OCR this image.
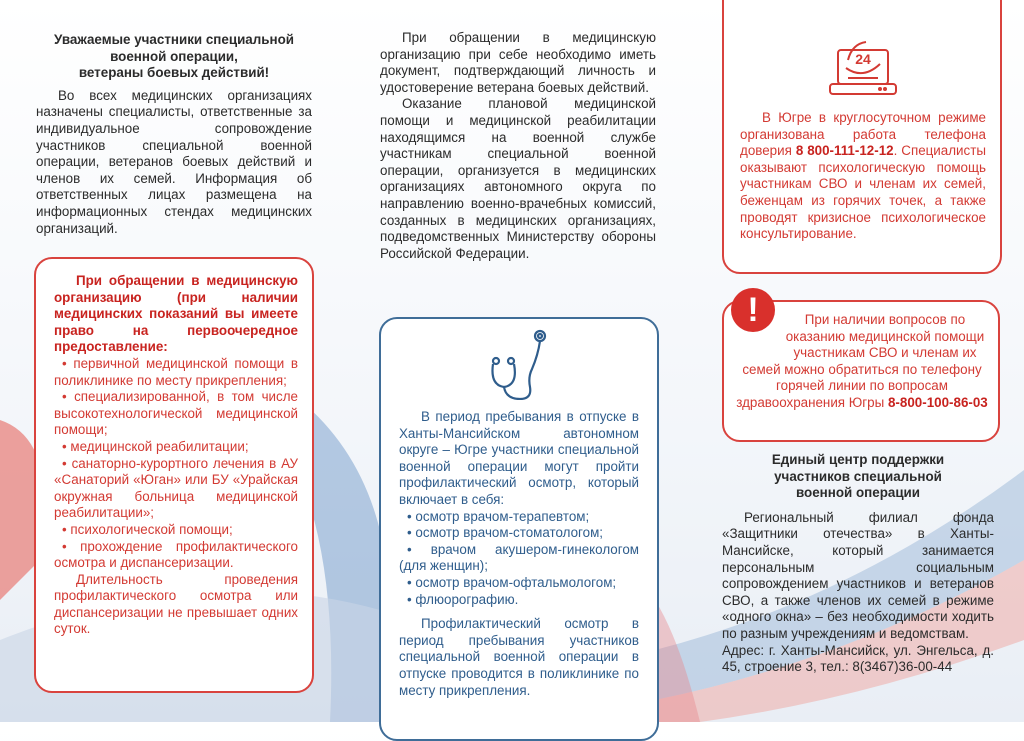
Уважаемые участники специальной
военной операции,
ветераны боевых действий!

Во всех медицинских организациях назначены специалисты, ответственные за индивидуальное сопровождение участников специальной военной операции, ветеранов боевых действий и членов их семей. Информация об ответственных лицах размещена на информационных стендах медицинских организаций.

При обращении в медицинскую организацию (при наличии медицинских показаний вы имеете право на первоочередное предоставление:

• первичной медицинской помощи в поликлинике по месту прикрепления;
• специализированной, в том числе высокотехнологической медицинской помощи;
• медицинской реабилитации;
• санаторно-курортного лечения в АУ «Санаторий «Юган» или БУ «Урайская окружная больница медицинской реабилитации»;
• психологической помощи;
• прохождение профилактического осмотра и диспансеризации.

Длительность проведения профилактического осмотра или диспансеризации не превышает одних суток.

При обращении в медицинскую организацию при себе необходимо иметь документ, подтверждающий личность и удостоверение ветерана боевых действий.

Оказание плановой медицинской помощи и медицинской реабилитации находящимся на военной службе участникам специальной военной операции, организуется в медицинских организациях автономного округа по направлению военно-врачебных комиссий, созданных в медицинских организациях, подведомственных Министерству обороны Российской Федерации.

В период пребывания в отпуске в Ханты-Мансийском автономном округе – Югре участники специальной военной операции могут пройти профилактический осмотр, который включает в себя:

• осмотр врачом-терапевтом;
• осмотр врачом-стоматологом;
• врачом акушером-гинекологом (для женщин);
• осмотр врачом-офтальмологом;
• флюорографию.

Профилактический осмотр в период пребывания участников специальной военной операции в отпуске проводится в поликлинике по месту прикрепления.

24

В Югре в круглосуточном режиме организована работа телефона доверия 8 800-111-12-12. Специалисты оказывают психологическую помощь участникам СВО и членам их семей, беженцам из горячих точек, а также проводят кризисное психологическое консультирование.

При наличии вопросов по оказанию медицинской помощи участникам СВО и членам их семей можно обратиться по телефону горячей линии по вопросам здравоохранения Югры 8-800-100-86-03
!
Единый центр поддержки
участников специальной
военной операции

Региональный филиал фонда «Защитники отечества» в Ханты-Мансийске, который занимается персональным социальным сопровождением участников и ветеранов СВО, а также членов их семей в режиме «одного окна» – без необходимости ходить по разным учреждениям и ведомствам.

Адрес: г. Ханты-Мансийск, ул. Энгельса, д. 45, строение 3, тел.: 8(3467)36-00-44
